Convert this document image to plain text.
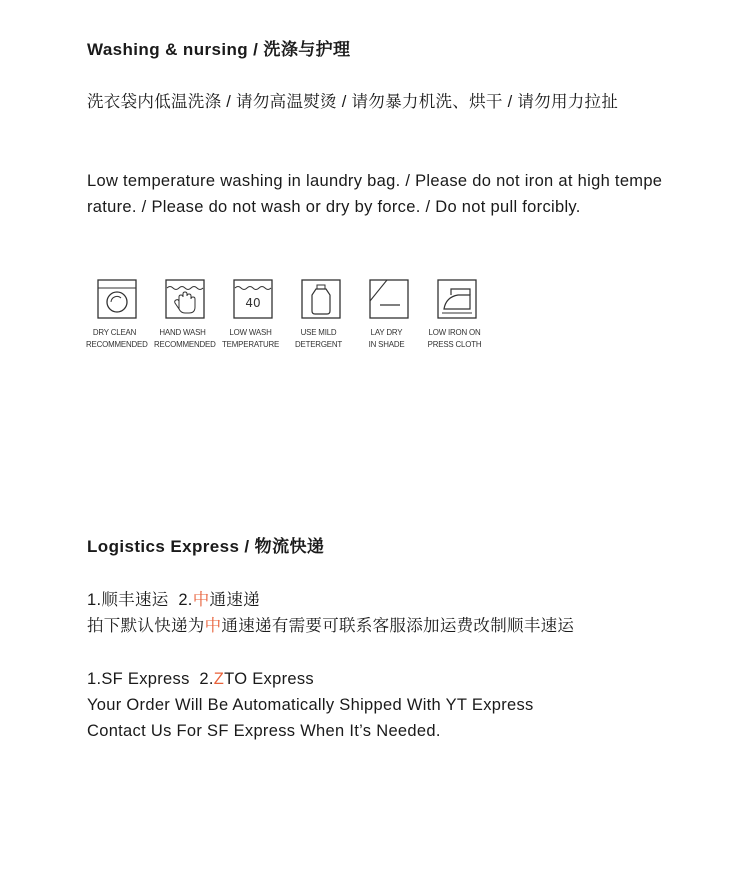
Washing & nursing / 洗涤与护理

洗衣袋内低温洗涤 / 请勿高温熨烫 / 请勿暴力机洗、烘干 / 请勿用力拉扯

Low temperature washing in laundry bag. / Please do not iron at high temperature. / Please do not wash or dry by force. / Do not pull forcibly.

DRY CLEAN
RECOMMENDED
HAND WASH
RECOMMENDED
40
LOW WASH
TEMPERATURE
USE MILD
DETERGENT
LAY DRY
IN SHADE
LOW IRON ON
PRESS CLOTH
Logistics Express / 物流快递

1.顺丰速运  2.中通速递

拍下默认快递为中通速递有需要可联系客服添加运费改制顺丰速运

1.SF Express  2.ZTO Express

Your Order Will Be Automatically Shipped With YT Express

Contact Us For SF Express When It’s Needed.
